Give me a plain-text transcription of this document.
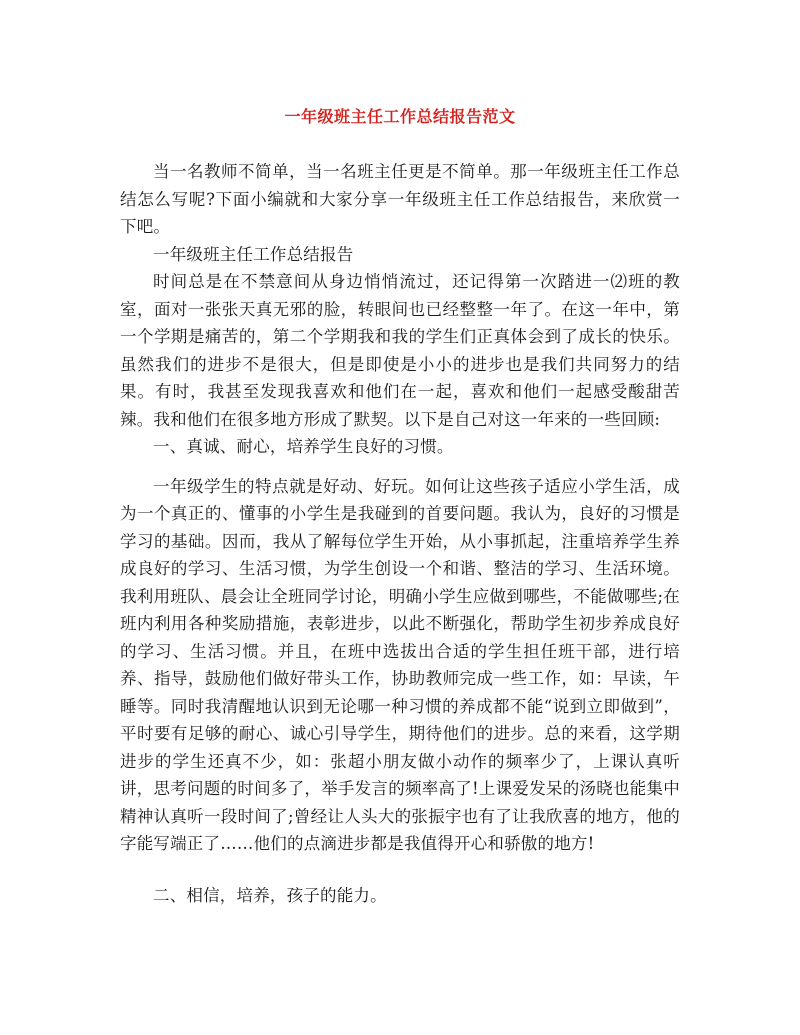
一年级班主任工作总结报告范文

当一名教师不简单，当一名班主任更是不简单。那一年级班主任工作总结怎么写呢?下面小编就和大家分享一年级班主任工作总结报告，来欣赏一下吧。

一年级班主任工作总结报告

时间总是在不禁意间从身边悄悄流过，还记得第一次踏进一⑵班的教室，面对一张张天真无邪的脸，转眼间也已经整整一年了。在这一年中，第一个学期是痛苦的，第二个学期我和我的学生们正真体会到了成长的快乐。虽然我们的进步不是很大，但是即使是小小的进步也是我们共同努力的结果。有时，我甚至发现我喜欢和他们在一起，喜欢和他们一起感受酸甜苦辣。我和他们在很多地方形成了默契。以下是自己对这一年来的一些回顾:

一、真诚、耐心，培养学生良好的习惯。

一年级学生的特点就是好动、好玩。如何让这些孩子适应小学生活，成为一个真正的、懂事的小学生是我碰到的首要问题。我认为，良好的习惯是学习的基础。因而，我从了解每位学生开始，从小事抓起，注重培养学生养成良好的学习、生活习惯，为学生创设一个和谐、整洁的学习、生活环境。我利用班队、晨会让全班同学讨论，明确小学生应做到哪些，不能做哪些;在班内利用各种奖励措施，表彰进步，以此不断强化，帮助学生初步养成良好的学习、生活习惯。并且，在班中选拔出合适的学生担任班干部，进行培养、指导，鼓励他们做好带头工作，协助教师完成一些工作，如：早读，午睡等。同时我清醒地认识到无论哪一种习惯的养成都不能“说到立即做到”，平时要有足够的耐心、诚心引导学生，期待他们的进步。总的来看，这学期进步的学生还真不少，如：张超小朋友做小动作的频率少了，上课认真听讲，思考问题的时间多了，举手发言的频率高了!上课爱发呆的汤晓也能集中精神认真听一段时间了;曾经让人头大的张振宇也有了让我欣喜的地方，他的字能写端正了……他们的点滴进步都是我值得开心和骄傲的地方!

二、相信，培养，孩子的能力。
